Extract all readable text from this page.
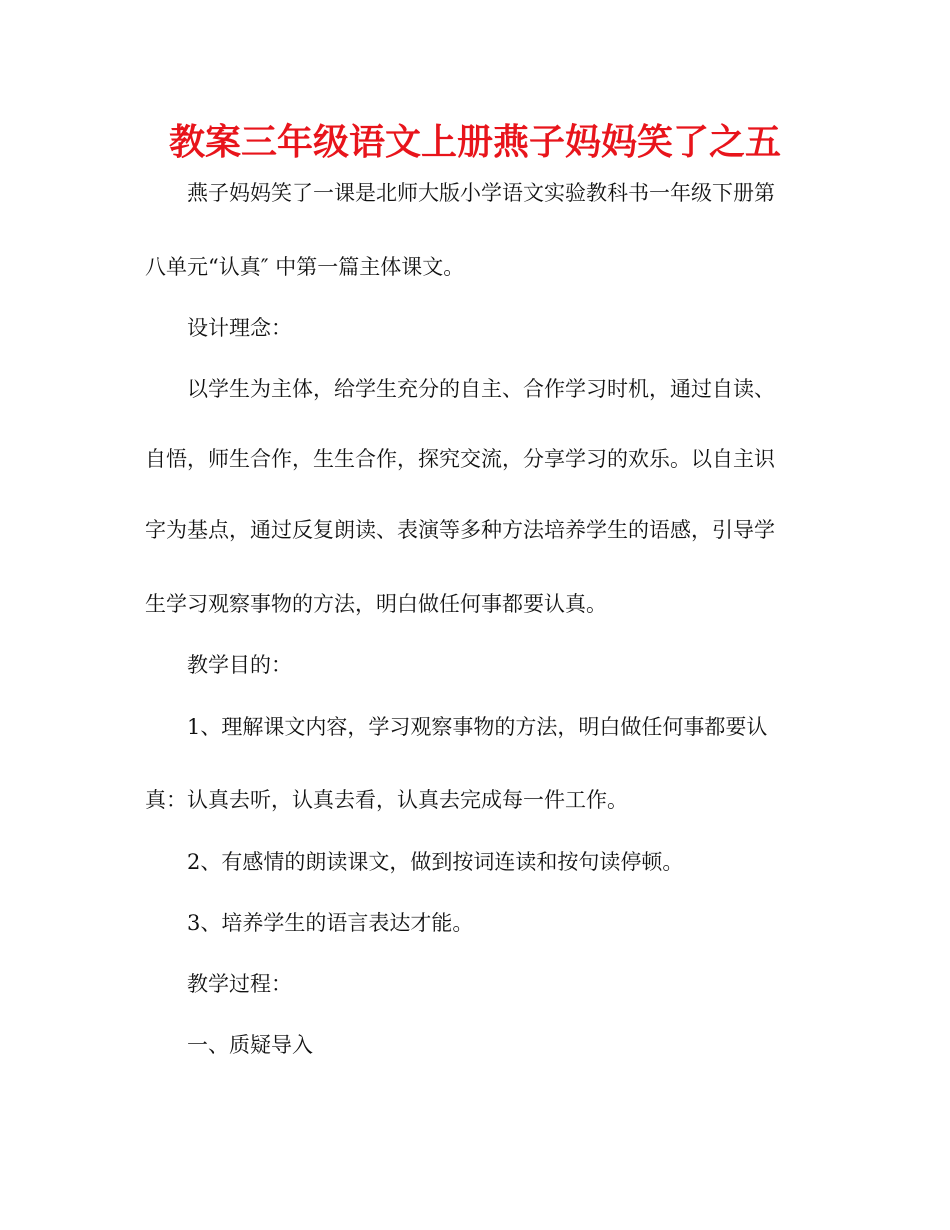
教案三年级语文上册燕子妈妈笑了之五
燕子妈妈笑了一课是北师大版小学语文实验教科书一年级下册第
八单元“认真″ 中第一篇主体课文。
设计理念：
以学生为主体，给学生充分的自主、合作学习时机，通过自读、
自悟，师生合作，生生合作，探究交流，分享学习的欢乐。以自主识
字为基点，通过反复朗读、表演等多种方法培养学生的语感，引导学
生学习观察事物的方法，明白做任何事都要认真。
教学目的：
1、理解课文内容，学习观察事物的方法，明白做任何事都要认
真：认真去听，认真去看，认真去完成每一件工作。
2、有感情的朗读课文，做到按词连读和按句读停顿。
3、培养学生的语言表达才能。
教学过程：
一、质疑导入
